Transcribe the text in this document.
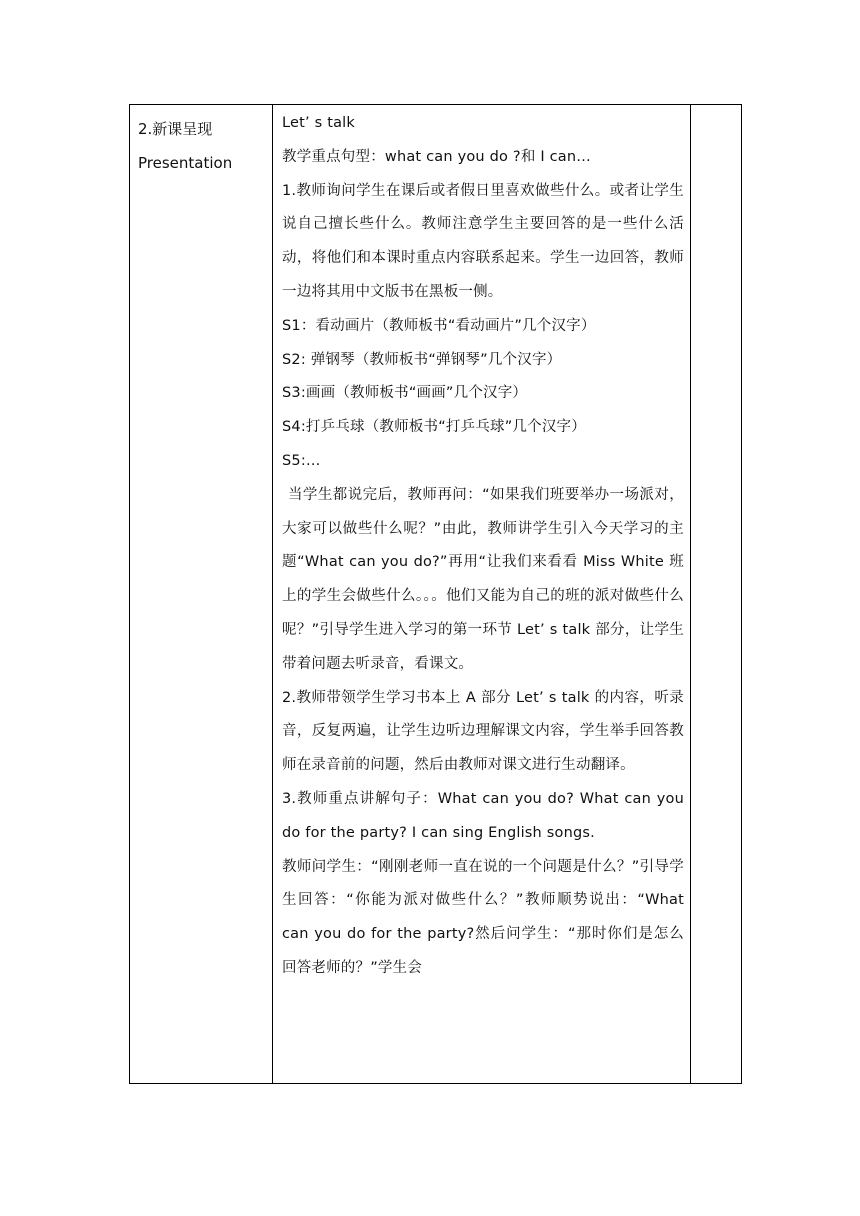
2.新课呈现
Presentation

Let’ s talk

教学重点句型：what can you do ?和 I can…

1.教师询问学生在课后或者假日里喜欢做些什么。或者让学生说自己擅长些什么。教师注意学生主要回答的是一些什么活动，将他们和本课时重点内容联系起来。学生一边回答，教师一边将其用中文版书在黑板一侧。

S1：看动画片（教师板书“看动画片”几个汉字）

S2: 弹钢琴（教师板书“弹钢琴”几个汉字）

S3:画画（教师板书“画画”几个汉字）

S4:打乒乓球（教师板书“打乒乓球”几个汉字）

S5:…

当学生都说完后，教师再问：“如果我们班要举办一场派对，大家可以做些什么呢？”由此，教师讲学生引入今天学习的主题“What can you do?”再用“让我们来看看 Miss White 班上的学生会做些什么。。。他们又能为自己的班的派对做些什么呢？”引导学生进入学习的第一环节 Let’ s talk 部分，让学生带着问题去听录音，看课文。

2.教师带领学生学习书本上 A 部分 Let’ s talk 的内容，听录音，反复两遍，让学生边听边理解课文内容，学生举手回答教师在录音前的问题，然后由教师对课文进行生动翻译。

3.教师重点讲解句子：What can you do? What can you do for the party? I can sing English songs.

教师问学生：“刚刚老师一直在说的一个问题是什么？”引导学生回答：“你能为派对做些什么？”教师顺势说出：“What can you do for the party?然后问学生：“那时你们是怎么回答老师的？”学生会
